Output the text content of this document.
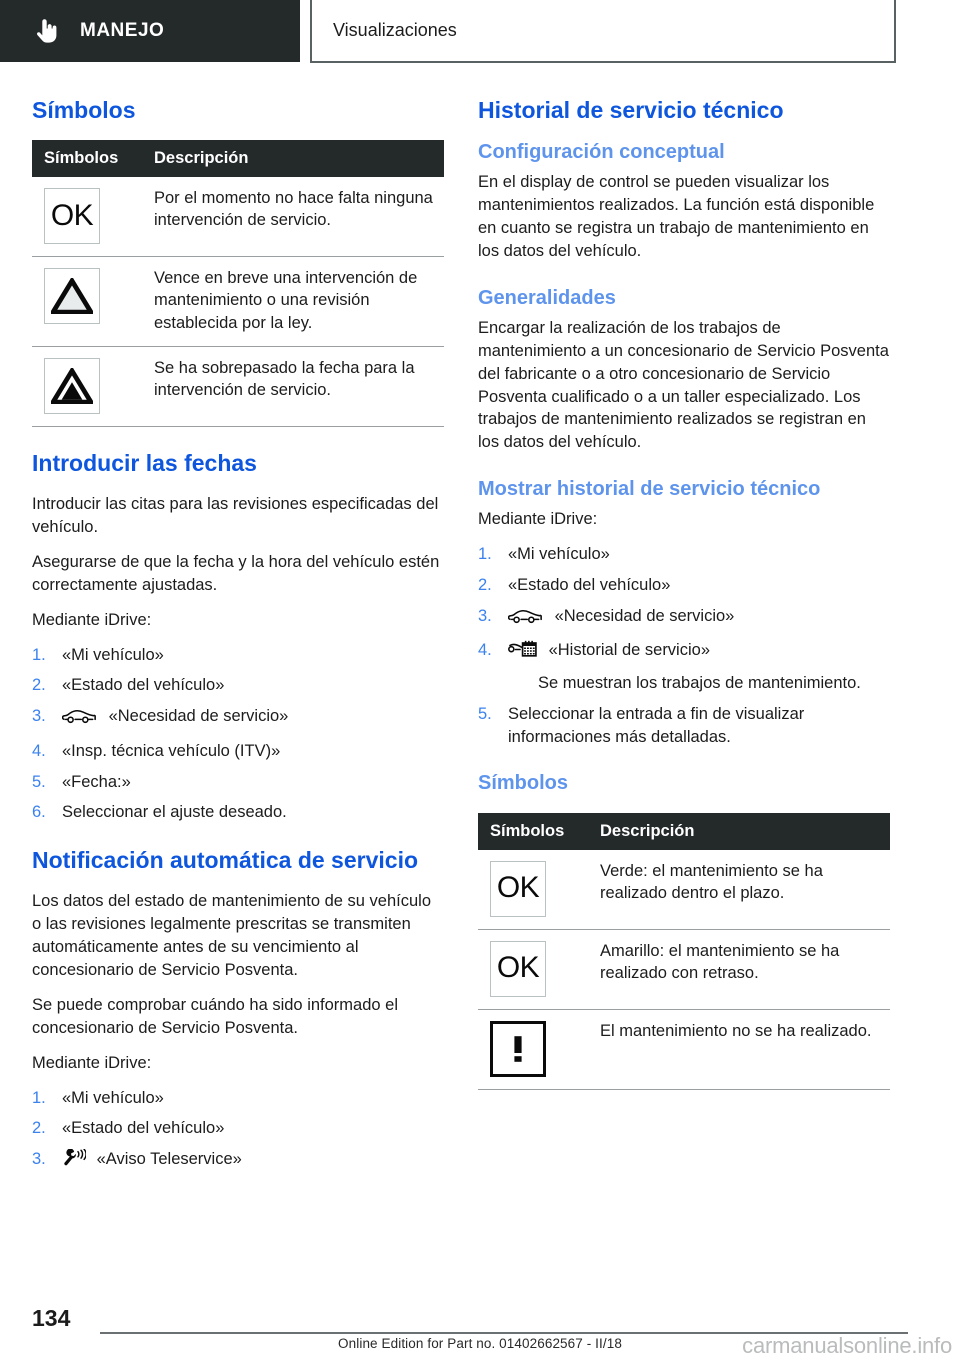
MANEJO	Visualizaciones
Símbolos
Símbolos	Descripción

OK	Por el momento no hace falta ninguna intervención de servicio.

	Vence en breve una intervención de mantenimiento o una revisión establecida por la ley.

	Se ha sobrepasado la fecha para la intervención de servicio.
Introducir las fechas

Introducir las citas para las revisiones especificadas del vehículo.

Asegurarse de que la fecha y la hora del vehículo estén correctamente ajustadas.

Mediante iDrive:

1. «Mi vehículo»
2. «Estado del vehículo»
3.	«Necesidad de servicio»
4. «Insp. técnica vehículo (ITV)»
5. «Fecha:»
6. Seleccionar el ajuste deseado.
Notificación automática de servicio

Los datos del estado de mantenimiento de su vehículo o las revisiones legalmente prescritas se transmiten automáticamente antes de su vencimiento al concesionario de Servicio Posventa.

Se puede comprobar cuándo ha sido informado el concesionario de Servicio Posventa.

Mediante iDrive:

1. «Mi vehículo»
2. «Estado del vehículo»
3.	«Aviso Teleservice»
Historial de servicio técnico
Configuración conceptual

En el display de control se pueden visualizar los mantenimientos realizados. La función está disponible en cuanto se registra un trabajo de mantenimiento en los datos del vehículo.

Generalidades

Encargar la realización de los trabajos de mantenimiento a un concesionario de Servicio Posventa del fabricante o a otro concesionario de Servicio Posventa cualificado o a un taller especializado. Los trabajos de mantenimiento realizados se registran en los datos del vehículo.

Mostrar historial de servicio técnico

Mediante iDrive:

1. «Mi vehículo»
2. «Estado del vehículo»
3.	«Necesidad de servicio»
4.	«Historial de servicio»
Se muestran los trabajos de mantenimiento.
5. Seleccionar la entrada a fin de visualizar informaciones más detalladas.
Símbolos
Símbolos	Descripción

OK	Verde: el mantenimiento se ha realizado dentro el plazo.

OK	Amarillo: el mantenimiento se ha realizado con retraso.

	El mantenimiento no se ha realizado.
134
Online Edition for Part no. 01402662567 - II/18	carmanualsonline.info
